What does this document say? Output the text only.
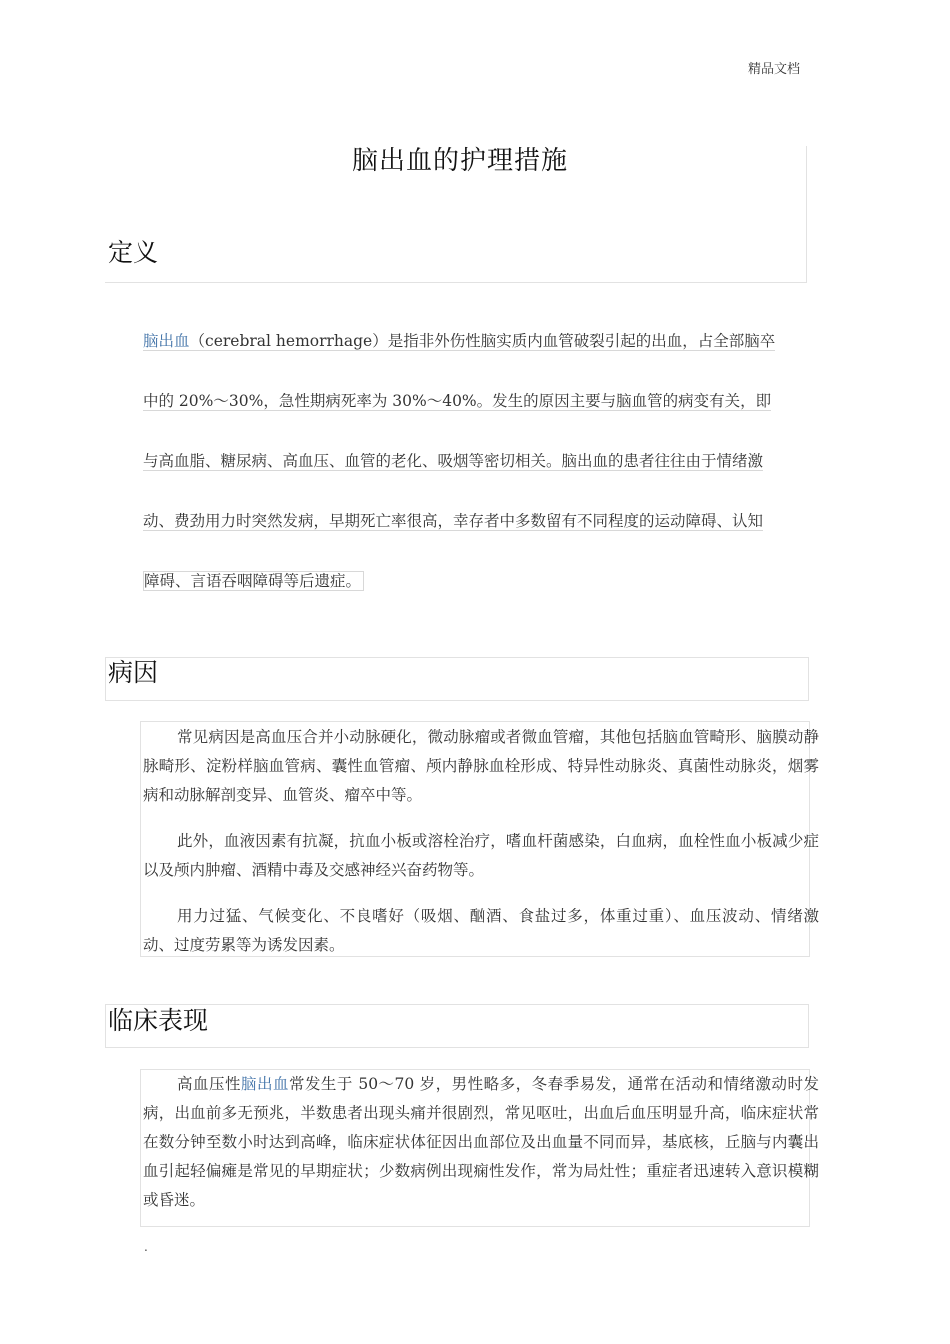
精品文档
脑出血的护理措施
定义
脑出血（cerebral hemorrhage）是指非外伤性脑实质内血管破裂引起的出血，占全部脑卒
中的 20%～30%，急性期病死率为 30%～40%。发生的原因主要与脑血管的病变有关，即
与高血脂、糖尿病、高血压、血管的老化、吸烟等密切相关。脑出血的患者往往由于情绪激
动、费劲用力时突然发病，早期死亡率很高，幸存者中多数留有不同程度的运动障碍、认知
障碍、言语吞咽障碍等后遗症。
病因

常见病因是高血压合并小动脉硬化，微动脉瘤或者微血管瘤，其他包括脑血管畸形、脑膜动静脉畸形、淀粉样脑血管病、囊性血管瘤、颅内静脉血栓形成、特异性动脉炎、真菌性动脉炎，烟雾病和动脉解剖变异、血管炎、瘤卒中等。

此外，血液因素有抗凝，抗血小板或溶栓治疗，嗜血杆菌感染，白血病，血栓性血小板减少症以及颅内肿瘤、酒精中毒及交感神经兴奋药物等。

用力过猛、气候变化、不良嗜好（吸烟、酗酒、食盐过多，体重过重）、血压波动、情绪激动、过度劳累等为诱发因素。

临床表现

高血压性脑出血常发生于 50～70 岁，男性略多，冬春季易发，通常在活动和情绪激动时发病，出血前多无预兆，半数患者出现头痛并很剧烈，常见呕吐，出血后血压明显升高，临床症状常在数分钟至数小时达到高峰，临床症状体征因出血部位及出血量不同而异，基底核，丘脑与内囊出血引起轻偏瘫是常见的早期症状；少数病例出现痫性发作，常为局灶性；重症者迅速转入意识模糊或昏迷。

.
